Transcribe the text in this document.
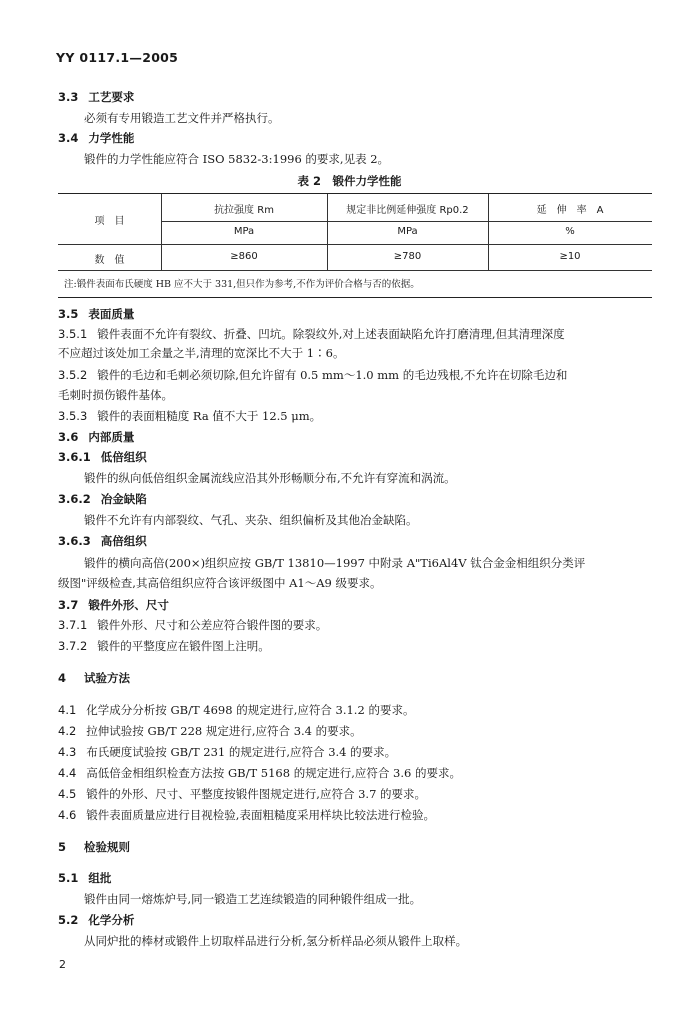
YY 0117.1—2005
3.3 工艺要求
必须有专用锻造工艺文件并严格执行。
3.4 力学性能
锻件的力学性能应符合 ISO 5832-3:1996 的要求,见表 2。
表 2　锻件力学性能
项　目
抗拉强度 Rm	规定非比例延伸强度 Rp0.2	延　伸　率　A
MPa	MPa	%
数　值	≥860	≥780	≥10
注:锻件表面布氏硬度 HB 应不大于 331,但只作为参考,不作为评价合格与否的依据。
3.5 表面质量
3.5.1 锻件表面不允许有裂纹、折叠、凹坑。除裂纹外,对上述表面缺陷允许打磨清理,但其清理深度
不应超过该处加工余量之半,清理的宽深比不大于 1∶6。
3.5.2 锻件的毛边和毛刺必须切除,但允许留有 0.5 mm～1.0 mm 的毛边残根,不允许在切除毛边和
毛刺时损伤锻件基体。
3.5.3 锻件的表面粗糙度 Ra 值不大于 12.5 μm。
3.6 内部质量
3.6.1 低倍组织
锻件的纵向低倍组织金属流线应沿其外形畅顺分布,不允许有穿流和涡流。
3.6.2 冶金缺陷
锻件不允许有内部裂纹、气孔、夹杂、组织偏析及其他冶金缺陷。
3.6.3 高倍组织
锻件的横向高倍(200×)组织应按 GB/T 13810—1997 中附录 A"Ti6Al4V 钛合金金相组织分类评
级图"评级检查,其高倍组织应符合该评级图中 A1～A9 级要求。
3.7 锻件外形、尺寸
3.7.1 锻件外形、尺寸和公差应符合锻件图的要求。
3.7.2 锻件的平整度应在锻件图上注明。
4 试验方法
4.1 化学成分分析按 GB/T 4698 的规定进行,应符合 3.1.2 的要求。
4.2 拉伸试验按 GB/T 228 规定进行,应符合 3.4 的要求。
4.3 布氏硬度试验按 GB/T 231 的规定进行,应符合 3.4 的要求。
4.4 高低倍金相组织检查方法按 GB/T 5168 的规定进行,应符合 3.6 的要求。
4.5 锻件的外形、尺寸、平整度按锻件图规定进行,应符合 3.7 的要求。
4.6 锻件表面质量应进行目视检验,表面粗糙度采用样块比较法进行检验。
5 检验规则
5.1 组批
锻件由同一熔炼炉号,同一锻造工艺连续锻造的同种锻件组成一批。
5.2 化学分析
从同炉批的棒材或锻件上切取样品进行分析,氢分析样品必须从锻件上取样。
2
